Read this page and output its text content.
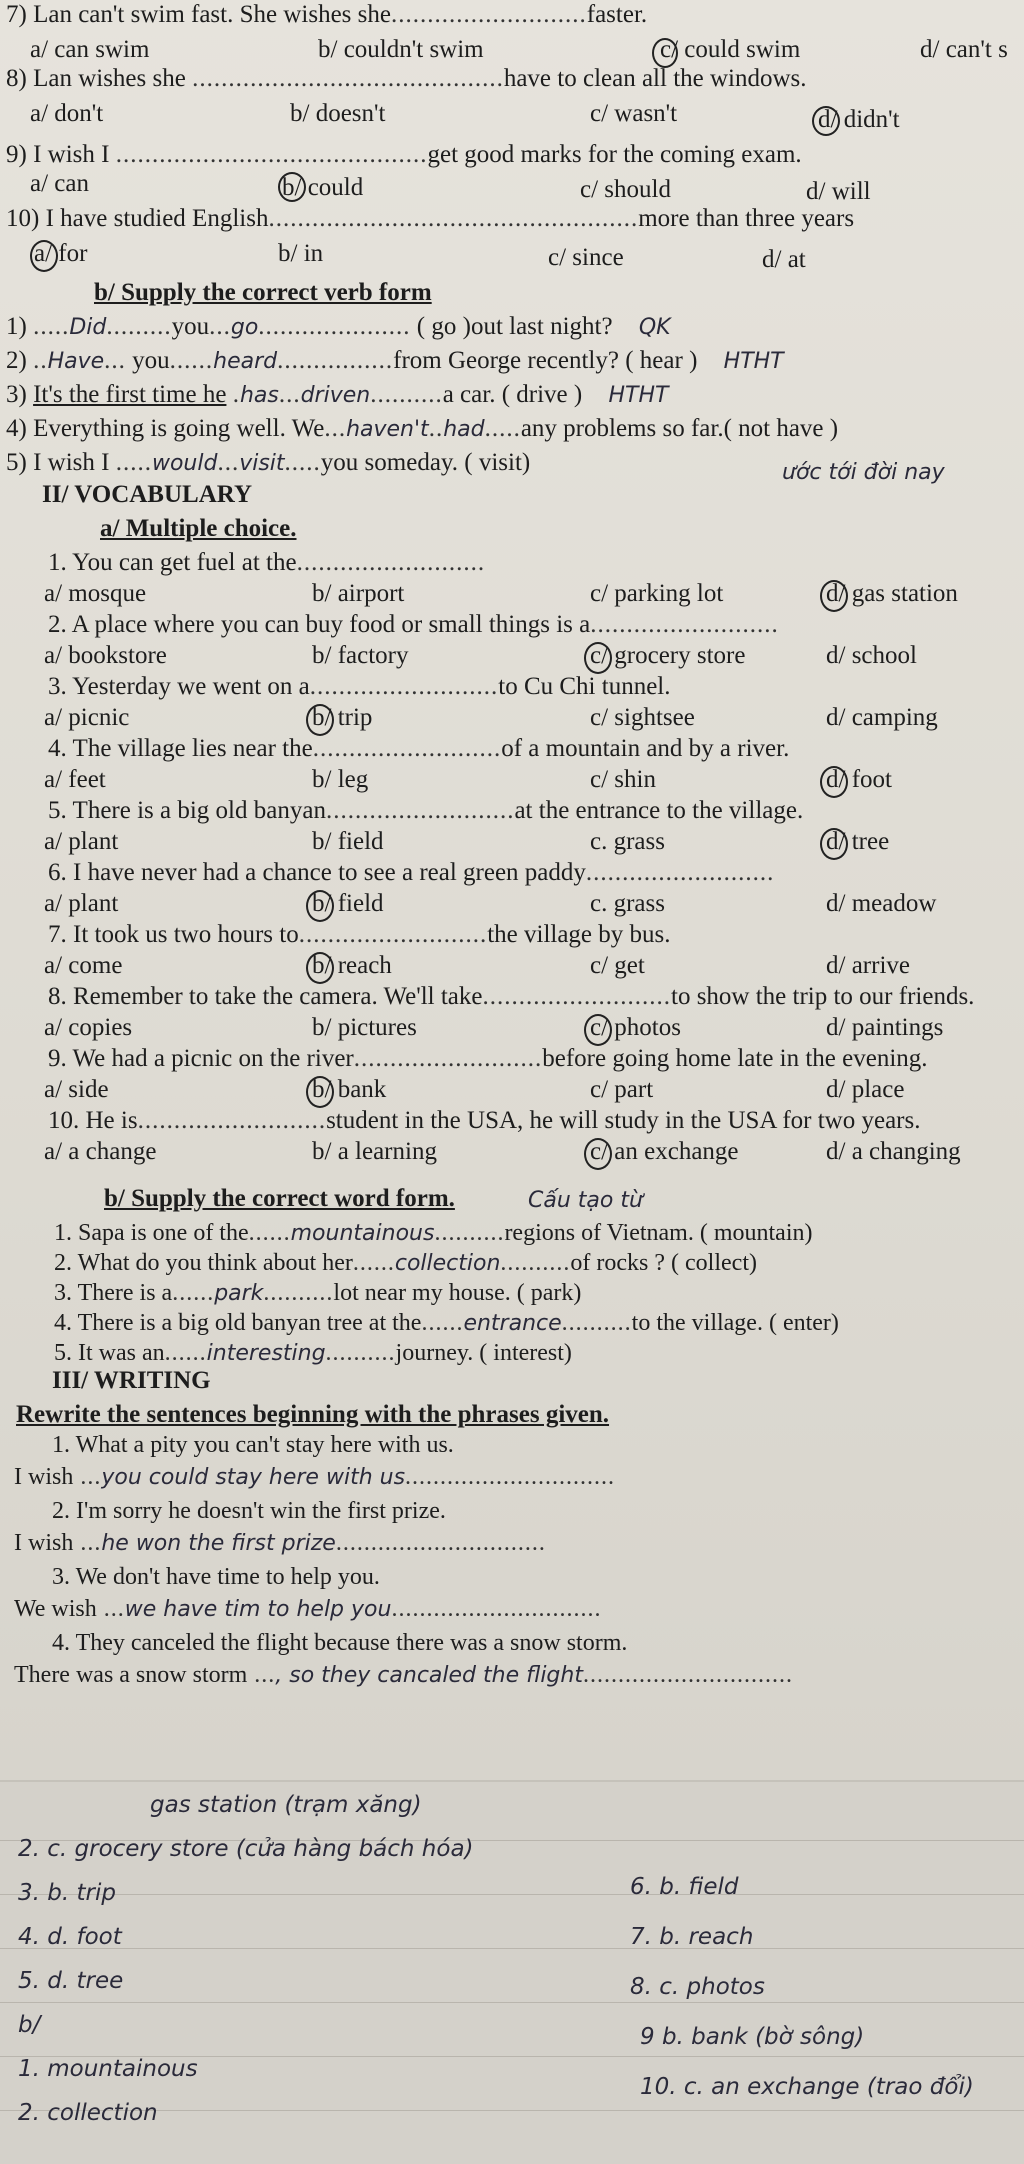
7) Lan can't swim fast. She wishes she...........................faster.
a/ can swim	b/ couldn't swim	c/ could swim	d/ can't s
8) Lan wishes she ...........................................have to clean all the windows.
a/ don't	b/ doesn't	c/ wasn't	d/ didn't
9) I wish I ...........................................get good marks for the coming exam.
a/ can	b/ could	c/ should	d/ will
10) I have studied English...................................................more than three years
a/ for	b/ in	c/ since	d/ at
b/ Supply the correct verb form
1) .....Did.........you...go..................... ( go )out last night? QK
2) ..Have... you......heard................from George recently? ( hear ) HTHT
3) It's the first time he .has...driven..........a car. ( drive ) HTHT
4) Everything is going well. We...haven't..had.....any problems so far.( not have )
5) I wish I .....would...visit.....you someday. ( visit)	ước tới đời nay
II/ VOCABULARY
a/ Multiple choice.
1. You can get fuel at the..........................
a/ mosque	b/ airport	c/ parking lot	d/ gas station
2. A place where you can buy food or small things is a..........................
a/ bookstore	b/ factory	c/ grocery store	d/ school
3. Yesterday we went on a..........................to Cu Chi tunnel.
a/ picnic	b/ trip	c/ sightsee	d/ camping
4. The village lies near the..........................of a mountain and by a river.
a/ feet	b/ leg	c/ shin	d/ foot
5. There is a big old banyan..........................at the entrance to the village.
a/ plant	b/ field	c. grass	d/ tree
6. I have never had a chance to see a real green paddy..........................
a/ plant	b/ field	c. grass	d/ meadow
7. It took us two hours to..........................the village by bus.
a/ come	b/ reach	c/ get	d/ arrive
8. Remember to take the camera. We'll take..........................to show the trip to our friends.
a/ copies	b/ pictures	c/ photos	d/ paintings
9. We had a picnic on the river..........................before going home late in the evening.
a/ side	b/ bank	c/ part	d/ place
10. He is..........................student in the USA, he will study in the USA for two years.
a/ a change	b/ a learning	c/ an exchange	d/ a changing
b/ Supply the correct word form.	Cấu tạo từ
1. Sapa is one of the......mountainous..........regions of Vietnam. ( mountain)
2. What do you think about her......collection..........of rocks ? ( collect)
3. There is a......park..........lot near my house. ( park)
4. There is a big old banyan tree at the......entrance..........to the village. ( enter)
5. It was an......interesting..........journey. ( interest)
III/ WRITING
Rewrite the sentences beginning with the phrases given.
1. What a pity you can't stay here with us.
I wish ...you could stay here with us..............................
2. I'm sorry he doesn't win the first prize.
I wish ...he won the first prize..............................
3. We don't have time to help you.
We wish ...we have tim to help you..............................
4. They canceled the flight because there was a snow storm.
There was a snow storm ..., so they cancaled the flight..............................
gas station (trạm xăng)
2. c. grocery store (cửa hàng bách hóa)
3. b. trip
4. d. foot
5. d. tree
b/
1. mountainous
2. collection
6. b. field
7. b. reach
8. c. photos
9 b. bank (bờ sông)
10. c. an exchange (trao đổi)
